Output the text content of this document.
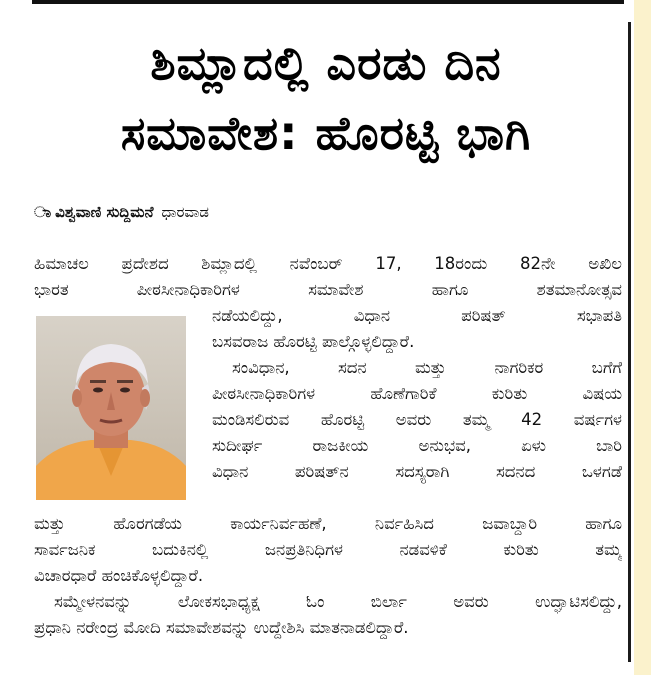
ಶಿಮ್ಲಾದಲ್ಲಿ ಎರಡು ದಿನ
ಸಮಾವೇಶ: ಹೊರಟ್ಟಿ ಭಾಗಿ
ಾ ವಿಶ್ವವಾಣಿ ಸುದ್ದಿಮನೆ ಧಾರವಾಡ
ಹಿಮಾಚಲ ಪ್ರದೇಶದ ಶಿಮ್ಲಾದಲ್ಲಿ ನವೆಂಬರ್ 17, 18ರಂದು 82ನೇ ಅಖಿಲ
ಭಾರತ ಪೀಠಸೀನಾಧಿಕಾರಿಗಳ ಸಮಾವೇಶ ಹಾಗೂ ಶತಮಾನೋತ್ಸವ
ನಡೆಯಲಿದ್ದು, ವಿಧಾನ ಪರಿಷತ್ ಸಭಾಪತಿ
ಬಸವರಾಜ ಹೊರಟ್ಟಿ ಪಾಲ್ಗೊಳ್ಳಲಿದ್ದಾರೆ.
ಸಂವಿಧಾನ, ಸದನ ಮತ್ತು ನಾಗರಿಕರ ಬಗೆಗೆ
ಪೀಠಸೀನಾಧಿಕಾರಿಗಳ ಹೊಣೆಗಾರಿಕೆ ಕುರಿತು ವಿಷಯ
ಮಂಡಿಸಲಿರುವ ಹೊರಟ್ಟಿ ಅವರು ತಮ್ಮ 42 ವರ್ಷಗಳ
ಸುದೀರ್ಘ ರಾಜಕೀಯ ಅನುಭವ, ಏಳು ಬಾರಿ
ವಿಧಾನ ಪರಿಷತ್‌ನ ಸದಸ್ಯರಾಗಿ ಸದನದ ಒಳಗಡೆ
ಮತ್ತು ಹೊರಗಡೆಯ ಕಾರ್ಯನಿರ್ವಹಣೆ, ನಿರ್ವಹಿಸಿದ ಜವಾಬ್ದಾರಿ ಹಾಗೂ
ಸಾರ್ವಜನಿಕ ಬದುಕಿನಲ್ಲಿ ಜನಪ್ರತಿನಿಧಿಗಳ ನಡವಳಿಕೆ ಕುರಿತು ತಮ್ಮ
ವಿಚಾರಧಾರೆ ಹಂಚಿಕೊಳ್ಳಲಿದ್ದಾರೆ.
ಸಮ್ಮೇಳನವನ್ನು ಲೋಕಸಭಾಧ್ಯಕ್ಷ ಓಂ ಬಿರ್ಲಾ ಅವರು ಉದ್ಘಾಟಿಸಲಿದ್ದು,
ಪ್ರಧಾನಿ ನರೇಂದ್ರ ಮೋದಿ ಸಮಾವೇಶವನ್ನು ಉದ್ದೇಶಿಸಿ ಮಾತನಾಡಲಿದ್ದಾರೆ.
